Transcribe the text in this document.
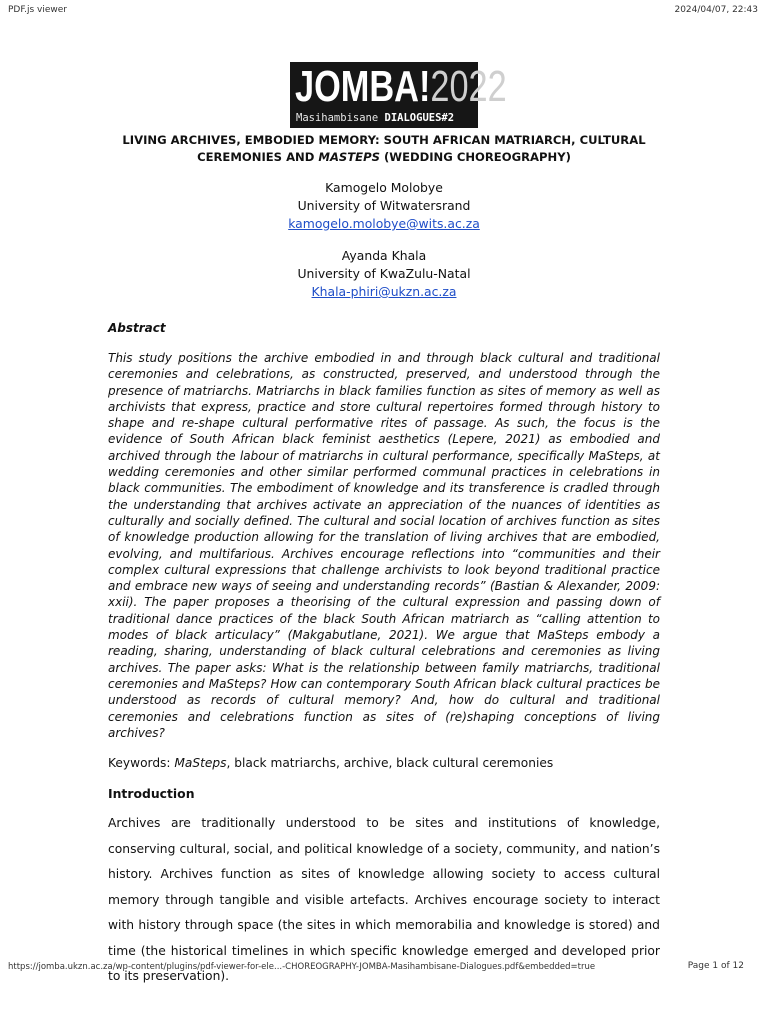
PDF.js viewer	2024/04/07, 22:43
JOMBA!2022
Masihambisane DIALOGUES#2

LIVING ARCHIVES, EMBODIED MEMORY: SOUTH AFRICAN MATRIARCH, CULTURAL CEREMONIES AND MASTEPS (WEDDING CHOREOGRAPHY)

Kamogelo Molobye
University of Witwatersrand
kamogelo.molobye@wits.ac.za
Ayanda Khala
University of KwaZulu-Natal
Khala-phiri@ukzn.ac.za
Abstract
This study positions the archive embodied in and through black cultural and traditional ceremonies and celebrations, as constructed, preserved, and understood through the presence of matriarchs. Matriarchs in black families function as sites of memory as well as archivists that express, practice and store cultural repertoires formed through history to shape and re-shape cultural performative rites of passage. As such, the focus is the evidence of South African black feminist aesthetics (Lepere, 2021) as embodied and archived through the labour of matriarchs in cultural performance, specifically MaSteps, at wedding ceremonies and other similar performed communal practices in celebrations in black communities. The embodiment of knowledge and its transference is cradled through the understanding that archives activate an appreciation of the nuances of identities as culturally and socially defined. The cultural and social location of archives function as sites of knowledge production allowing for the translation of living archives that are embodied, evolving, and multifarious. Archives encourage reflections into “communities and their complex cultural expressions that challenge archivists to look beyond traditional practice and embrace new ways of seeing and understanding records” (Bastian & Alexander, 2009: xxii). The paper proposes a theorising of the cultural expression and passing down of traditional dance practices of the black South African matriarch as “calling attention to modes of black articulacy” (Makgabutlane, 2021). We argue that MaSteps embody a reading, sharing, understanding of black cultural celebrations and ceremonies as living archives. The paper asks: What is the relationship between family matriarchs, traditional ceremonies and MaSteps? How can contemporary South African black cultural practices be understood as records of cultural memory? And, how do cultural and traditional ceremonies and celebrations function as sites of (re)shaping conceptions of living archives?
Keywords: MaSteps, black matriarchs, archive, black cultural ceremonies
Introduction
Archives are traditionally understood to be sites and institutions of knowledge, conserving cultural, social, and political knowledge of a society, community, and nation’s history. Archives function as sites of knowledge allowing society to access cultural memory through tangible and visible artefacts. Archives encourage society to interact with history through space (the sites in which memorabilia and knowledge is stored) and time (the historical timelines in which specific knowledge emerged and developed prior to its preservation).
https://jomba.ukzn.ac.za/wp-content/plugins/pdf-viewer-for-ele...-CHOREOGRAPHY-JOMBA-Masihambisane-Dialogues.pdf&embedded=true	Page 1 of 12
